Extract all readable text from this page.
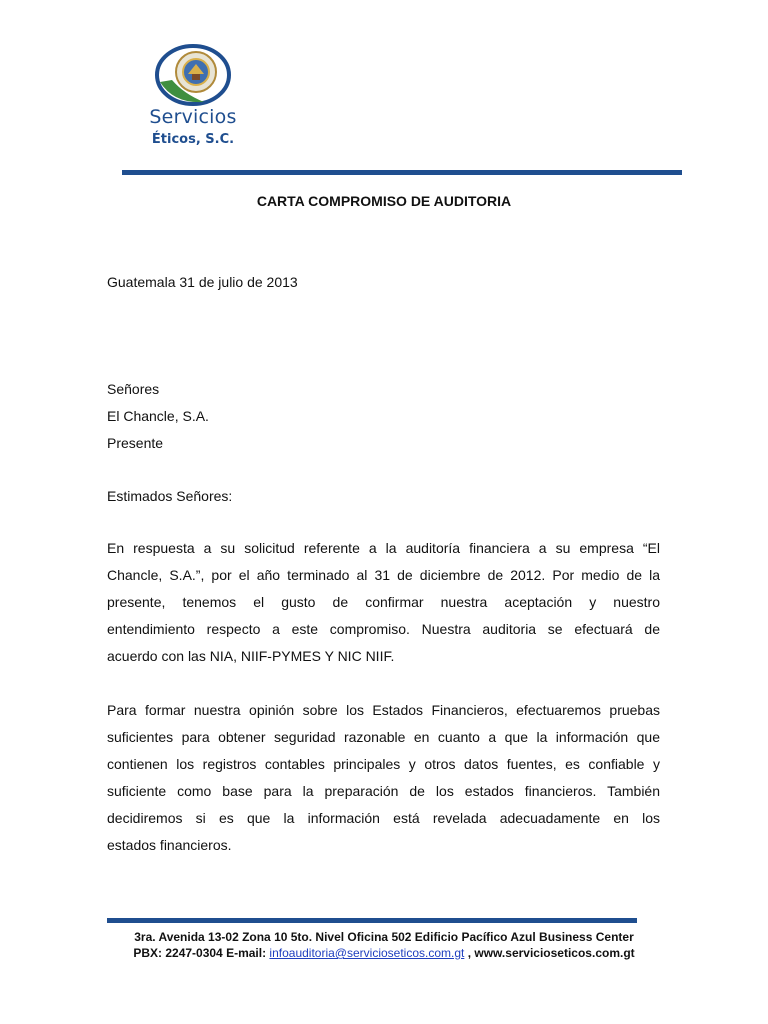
Servicios
Éticos, S.C.
CARTA COMPROMISO DE AUDITORIA
Guatemala 31 de julio de 2013
Señores
El Chancle, S.A.
Presente
Estimados Señores:
En respuesta a su solicitud referente a la auditoría financiera a su empresa “El
Chancle, S.A.”, por el año terminado al 31 de diciembre de 2012. Por medio de la
presente, tenemos el gusto de confirmar nuestra aceptación y nuestro
entendimiento respecto a este compromiso. Nuestra auditoria se efectuará de
acuerdo con las NIA, NIIF-PYMES Y NIC NIIF.
Para formar nuestra opinión sobre los Estados Financieros, efectuaremos pruebas
suficientes para obtener seguridad razonable en cuanto a que la información que
contienen los registros contables principales y otros datos fuentes, es confiable y
suficiente como base para la preparación de los estados financieros. También
decidiremos si es que la información está revelada adecuadamente en los
estados financieros.
3ra. Avenida 13-02 Zona 10 5to. Nivel Oficina 502 Edificio Pacífico Azul Business Center
PBX: 2247-0304 E-mail: infoauditoria@servicioseticos.com.gt , www.servicioseticos.com.gt
